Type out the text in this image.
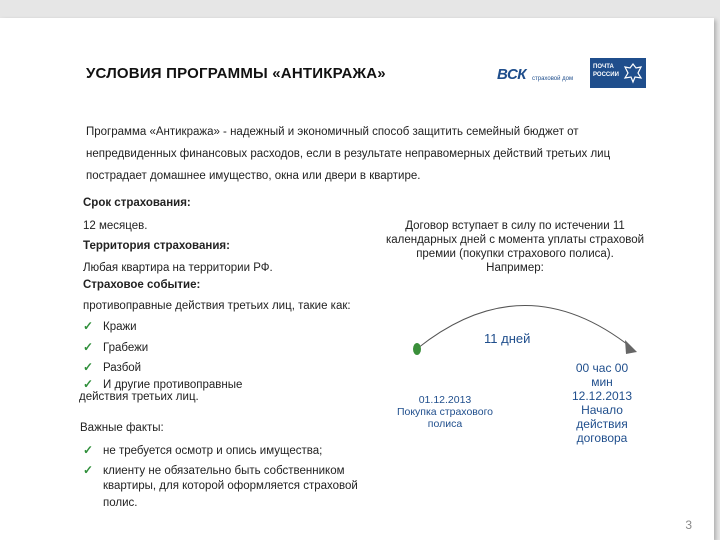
УСЛОВИЯ ПРОГРАММЫ «АНТИКРАЖА»	ВСК страховой дом
ПОЧТА
РОССИИ
Программа «Антикража» - надежный и экономичный способ защитить семейный бюджет от
непредвиденных финансовых расходов, если в результате неправомерных действий третьих лиц
пострадает домашнее имущество, окна или двери в квартире.
Срок страхования:
12 месяцев.
Территория страхования:
Любая квартира на территории РФ.
Страховое событие:
противоправные действия третьих лиц, такие как:
✓ Кражи
✓ Грабежи
✓ Разбой
✓ И другие противоправные
действия третьих лиц.
Важные факты:
✓ не требуется осмотр и опись имущества;
✓ клиенту не обязательно быть собственником
квартиры, для которой оформляется страховой
полис.
Договор вступает в силу по истечении 11
календарных дней с момента уплаты страховой
премии (покупки страхового полиса).
Например:
11 дней
01.12.2013
Покупка страхового
полиса
00 час 00
мин
12.12.2013
Начало
действия
договора
3
